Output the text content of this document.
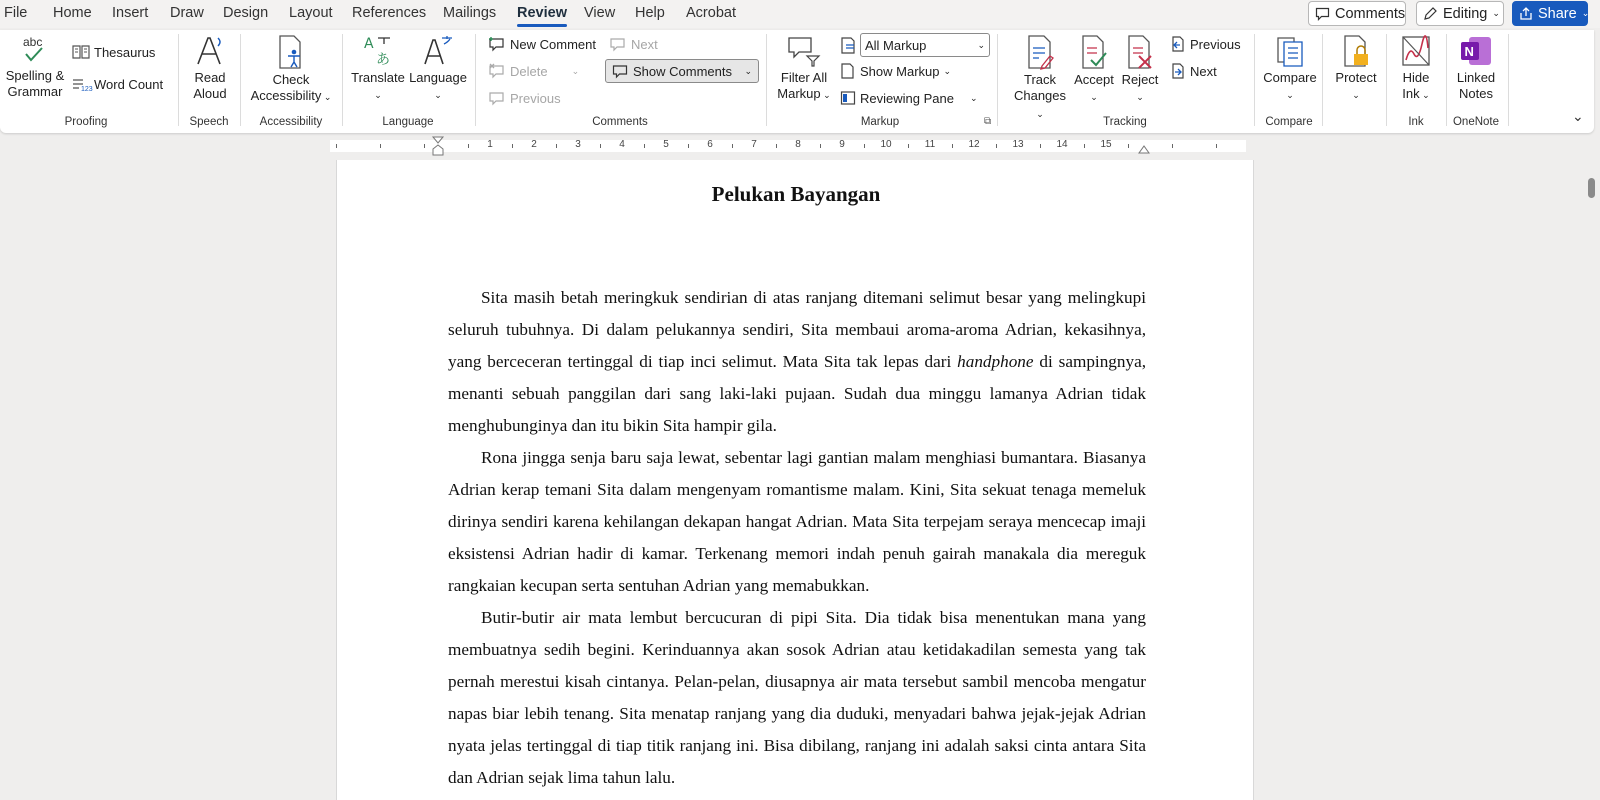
File Home Insert Draw Design Layout References Mailings Review View Help Acrobat	Comments	Editing ⌄	Share ⌄
abc
Spelling &
Grammar
Thesaurus
123 Word Count
Proofing
Read
Aloud
Speech
Check
Accessibility ⌄
Accessibility
A
あ
Translate
⌄
Language
⌄
Language
New Comment
Delete	⌄
Previous
Next
Show Comments ⌄
Comments
Filter All
Markup ⌄
All Markup	⌄
Show Markup ⌄
Reviewing Pane ⌄
Markup	⧉
Track
Changes ⌄
Accept
⌄
Reject
⌄
Previous
Next
Tracking
Compare
⌄
Compare
Protect
⌄
Hide
Ink ⌄
Ink
N
Linked
Notes
OneNote	⌄
1	2	3	4	5	6	7	8	9	10	11	12	13	14	15
Pelukan Bayangan

Sita masih betah meringkuk sendirian di atas ranjang ditemani selimut besar yang melingkupi seluruh tubuhnya. Di dalam pelukannya sendiri, Sita membaui aroma-aroma Adrian, kekasihnya, yang berceceran tertinggal di tiap inci selimut. Mata Sita tak lepas dari handphone di sampingnya, menanti sebuah panggilan dari sang laki-laki pujaan. Sudah dua minggu lamanya Adrian tidak menghubunginya dan itu bikin Sita hampir gila.

Rona jingga senja baru saja lewat, sebentar lagi gantian malam menghiasi bumantara. Biasanya Adrian kerap temani Sita dalam mengenyam romantisme malam. Kini, Sita sekuat tenaga memeluk dirinya sendiri karena kehilangan dekapan hangat Adrian. Mata Sita terpejam seraya mencecap imaji eksistensi Adrian hadir di kamar. Terkenang memori indah penuh gairah manakala dia mereguk rangkaian kecupan serta sentuhan Adrian yang memabukkan.

Butir-butir air mata lembut bercucuran di pipi Sita. Dia tidak bisa menentukan mana yang membuatnya sedih begini. Kerinduannya akan sosok Adrian atau ketidakadilan semesta yang tak pernah merestui kisah cintanya. Pelan-pelan, diusapnya air mata tersebut sambil mencoba mengatur napas biar lebih tenang. Sita menatap ranjang yang dia duduki, menyadari bahwa jejak-jejak Adrian nyata jelas tertinggal di tiap titik ranjang ini. Bisa dibilang, ranjang ini adalah saksi cinta antara Sita dan Adrian sejak lima tahun lalu.
